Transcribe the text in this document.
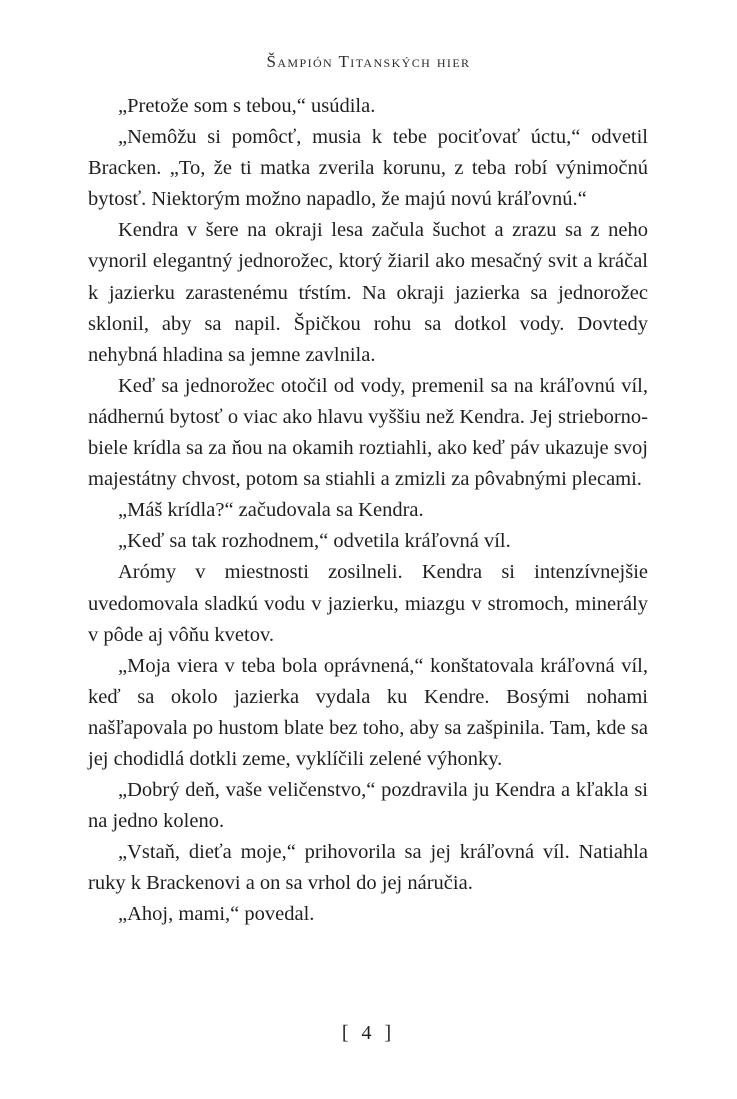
Šampión Titanských hier

„Pretože som s tebou,“ usúdila.

„Nemôžu si pomôcť, musia k tebe pociťovať úctu,“ odvetil Bracken. „To, že ti matka zverila korunu, z teba robí výnimočnú bytosť. Niektorým možno napadlo, že majú novú kráľovnú.“

Kendra v šere na okraji lesa začula šuchot a zrazu sa z neho vynoril elegantný jednorožec, ktorý žiaril ako mesačný svit a kráčal k jazierku zarastenému tŕstím. Na okraji jazierka sa jednorožec sklonil, aby sa napil. Špičkou rohu sa dotkol vody. Dovtedy nehybná hladina sa jemne zavlnila.

Keď sa jednorožec otočil od vody, premenil sa na kráľovnú víl, nádhernú bytosť o viac ako hlavu vyššiu než Kendra. Jej strieborno-biele krídla sa za ňou na okamih roztiahli, ako keď páv ukazuje svoj majestátny chvost, potom sa stiahli a zmizli za pôvabnými plecami.

„Máš krídla?“ začudovala sa Kendra.

„Keď sa tak rozhodnem,“ odvetila kráľovná víl.

Arómy v miestnosti zosilneli. Kendra si intenzívnejšie uvedomovala sladkú vodu v jazierku, miazgu v stromoch, minerály v pôde aj vôňu kvetov.

„Moja viera v teba bola oprávnená,“ konštatovala kráľovná víl, keď sa okolo jazierka vydala ku Kendre. Bosými nohami našľapovala po hustom blate bez toho, aby sa zašpinila. Tam, kde sa jej chodidlá dotkli zeme, vyklíčili zelené výhonky.

„Dobrý deň, vaše veličenstvo,“ pozdravila ju Kendra a kľakla si na jedno koleno.

„Vstaň, dieťa moje,“ prihovorila sa jej kráľovná víl. Natiahla ruky k Brackenovi a on sa vrhol do jej náručia.

„Ahoj, mami,“ povedal.

[ 4 ]
